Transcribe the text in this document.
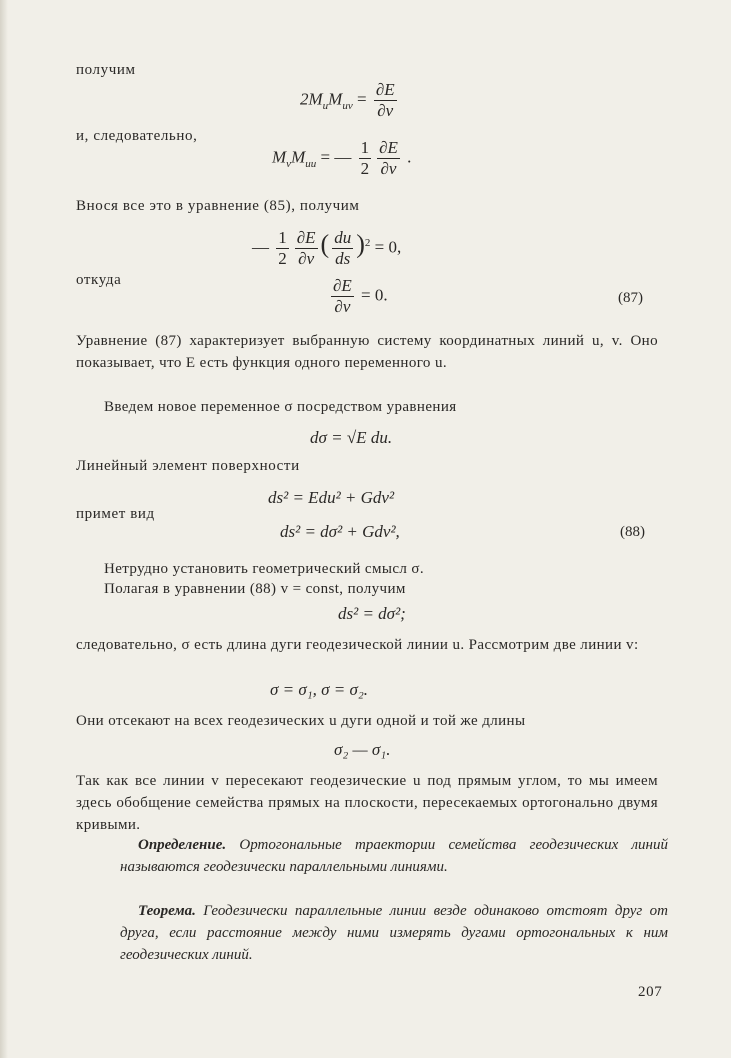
получим
$2M_uM_{uv} = \frac{\partial E}{\partial v}$
и, следовательно,
$M_vM_{uu}$ = — $\frac{1}{2} \frac{\partial E}{\partial v}$ .
Внося все это в уравнение (85), получим
— $\frac{1}{2} \frac{\partial E}{\partial v}$ ( $\frac{du}{ds} )^2 = 0$,
откуда	$\frac{\partial E}{\partial v} = 0$.	(87)
Уравнение (87) характеризует выбранную систему координатных линий u, v. Оно показывает, что E есть функция одного переменного u.
Введем новое переменное σ посредством уравнения
dσ = √E du.
Линейный элемент поверхности
ds² = Edu² + Gdv²
примет вид
ds² = dσ² + Gdv²,	(88)
Нетрудно установить геометрический смысл σ.
Полагая в уравнении (88) v = const, получим
ds² = dσ²;
следовательно, σ есть длина дуги геодезической линии u. Рассмотрим две линии v:
σ = σ₁, σ = σ₂.
Они отсекают на всех геодезических u дуги одной и той же длины
σ₂ — σ₁.
Так как все линии v пересекают геодезические u под прямым углом, то мы имеем здесь обобщение семейства прямых на плоскости, пересекаемых ортогонально двумя кривыми.
Определение. Ортогональные траектории семейства геодезических линий называются геодезически параллельными линиями.
Теорема. Геодезически параллельные линии везде одинаково отстоят друг от друга, если расстояние между ними измерять дугами ортогональных к ним геодезических линий.
207
